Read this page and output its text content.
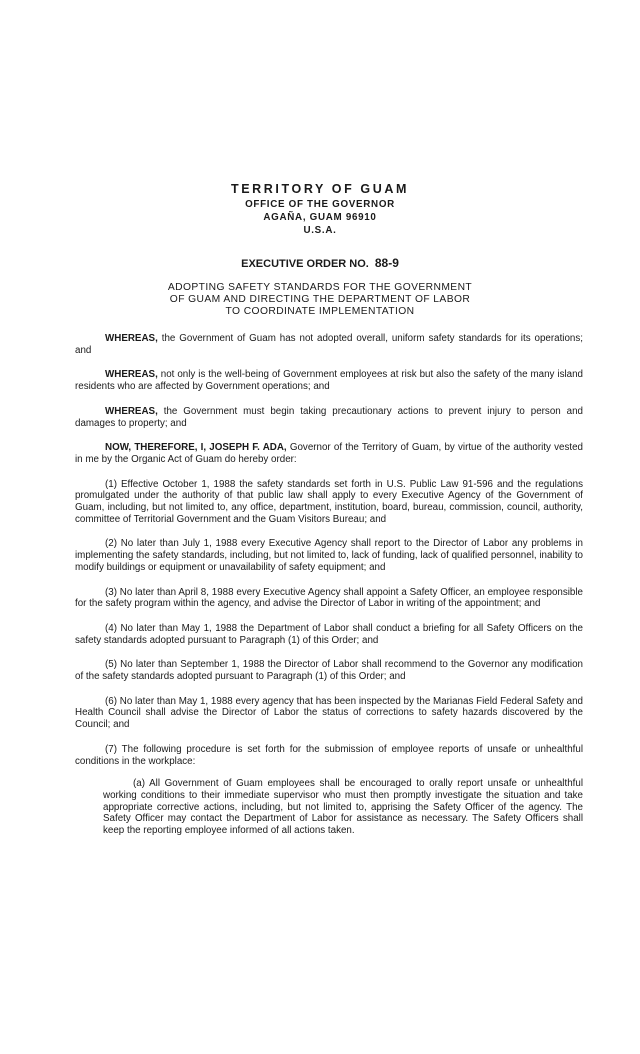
TERRITORY OF GUAM
OFFICE OF THE GOVERNOR
AGAÑA, GUAM 96910
U.S.A.
EXECUTIVE ORDER NO. 88-9
ADOPTING SAFETY STANDARDS FOR THE GOVERNMENT
OF GUAM AND DIRECTING THE DEPARTMENT OF LABOR
TO COORDINATE IMPLEMENTATION

WHEREAS, the Government of Guam has not adopted overall, uniform safety standards for its operations; and

WHEREAS, not only is the well-being of Government employees at risk but also the safety of the many island residents who are affected by Government operations; and

WHEREAS, the Government must begin taking precautionary actions to prevent injury to person and damages to property; and

NOW, THEREFORE, I, JOSEPH F. ADA, Governor of the Territory of Guam, by virtue of the authority vested in me by the Organic Act of Guam do hereby order:

(1) Effective October 1, 1988 the safety standards set forth in U.S. Public Law 91-596 and the regulations promulgated under the authority of that public law shall apply to every Executive Agency of the Government of Guam, including, but not limited to, any office, department, institution, board, bureau, commission, council, authority, committee of Territorial Government and the Guam Visitors Bureau; and

(2) No later than July 1, 1988 every Executive Agency shall report to the Director of Labor any problems in implementing the safety standards, including, but not limited to, lack of funding, lack of qualified personnel, inability to modify buildings or equipment or unavailability of safety equipment; and

(3) No later than April 8, 1988 every Executive Agency shall appoint a Safety Officer, an employee responsible for the safety program within the agency, and advise the Director of Labor in writing of the appointment; and

(4) No later than May 1, 1988 the Department of Labor shall conduct a briefing for all Safety Officers on the safety standards adopted pursuant to Paragraph (1) of this Order; and

(5) No later than September 1, 1988 the Director of Labor shall recommend to the Governor any modification of the safety standards adopted pursuant to Paragraph (1) of this Order; and

(6) No later than May 1, 1988 every agency that has been inspected by the Marianas Field Federal Safety and Health Council shall advise the Director of Labor the status of corrections to safety hazards discovered by the Council; and

(7) The following procedure is set forth for the submission of employee reports of unsafe or unhealthful conditions in the workplace:

(a) All Government of Guam employees shall be encouraged to orally report unsafe or unhealthful working conditions to their immediate supervisor who must then promptly investigate the situation and take appropriate corrective actions, including, but not limited to, apprising the Safety Officer of the agency. The Safety Officer may contact the Department of Labor for assistance as necessary. The Safety Officers shall keep the reporting employee informed of all actions taken.
